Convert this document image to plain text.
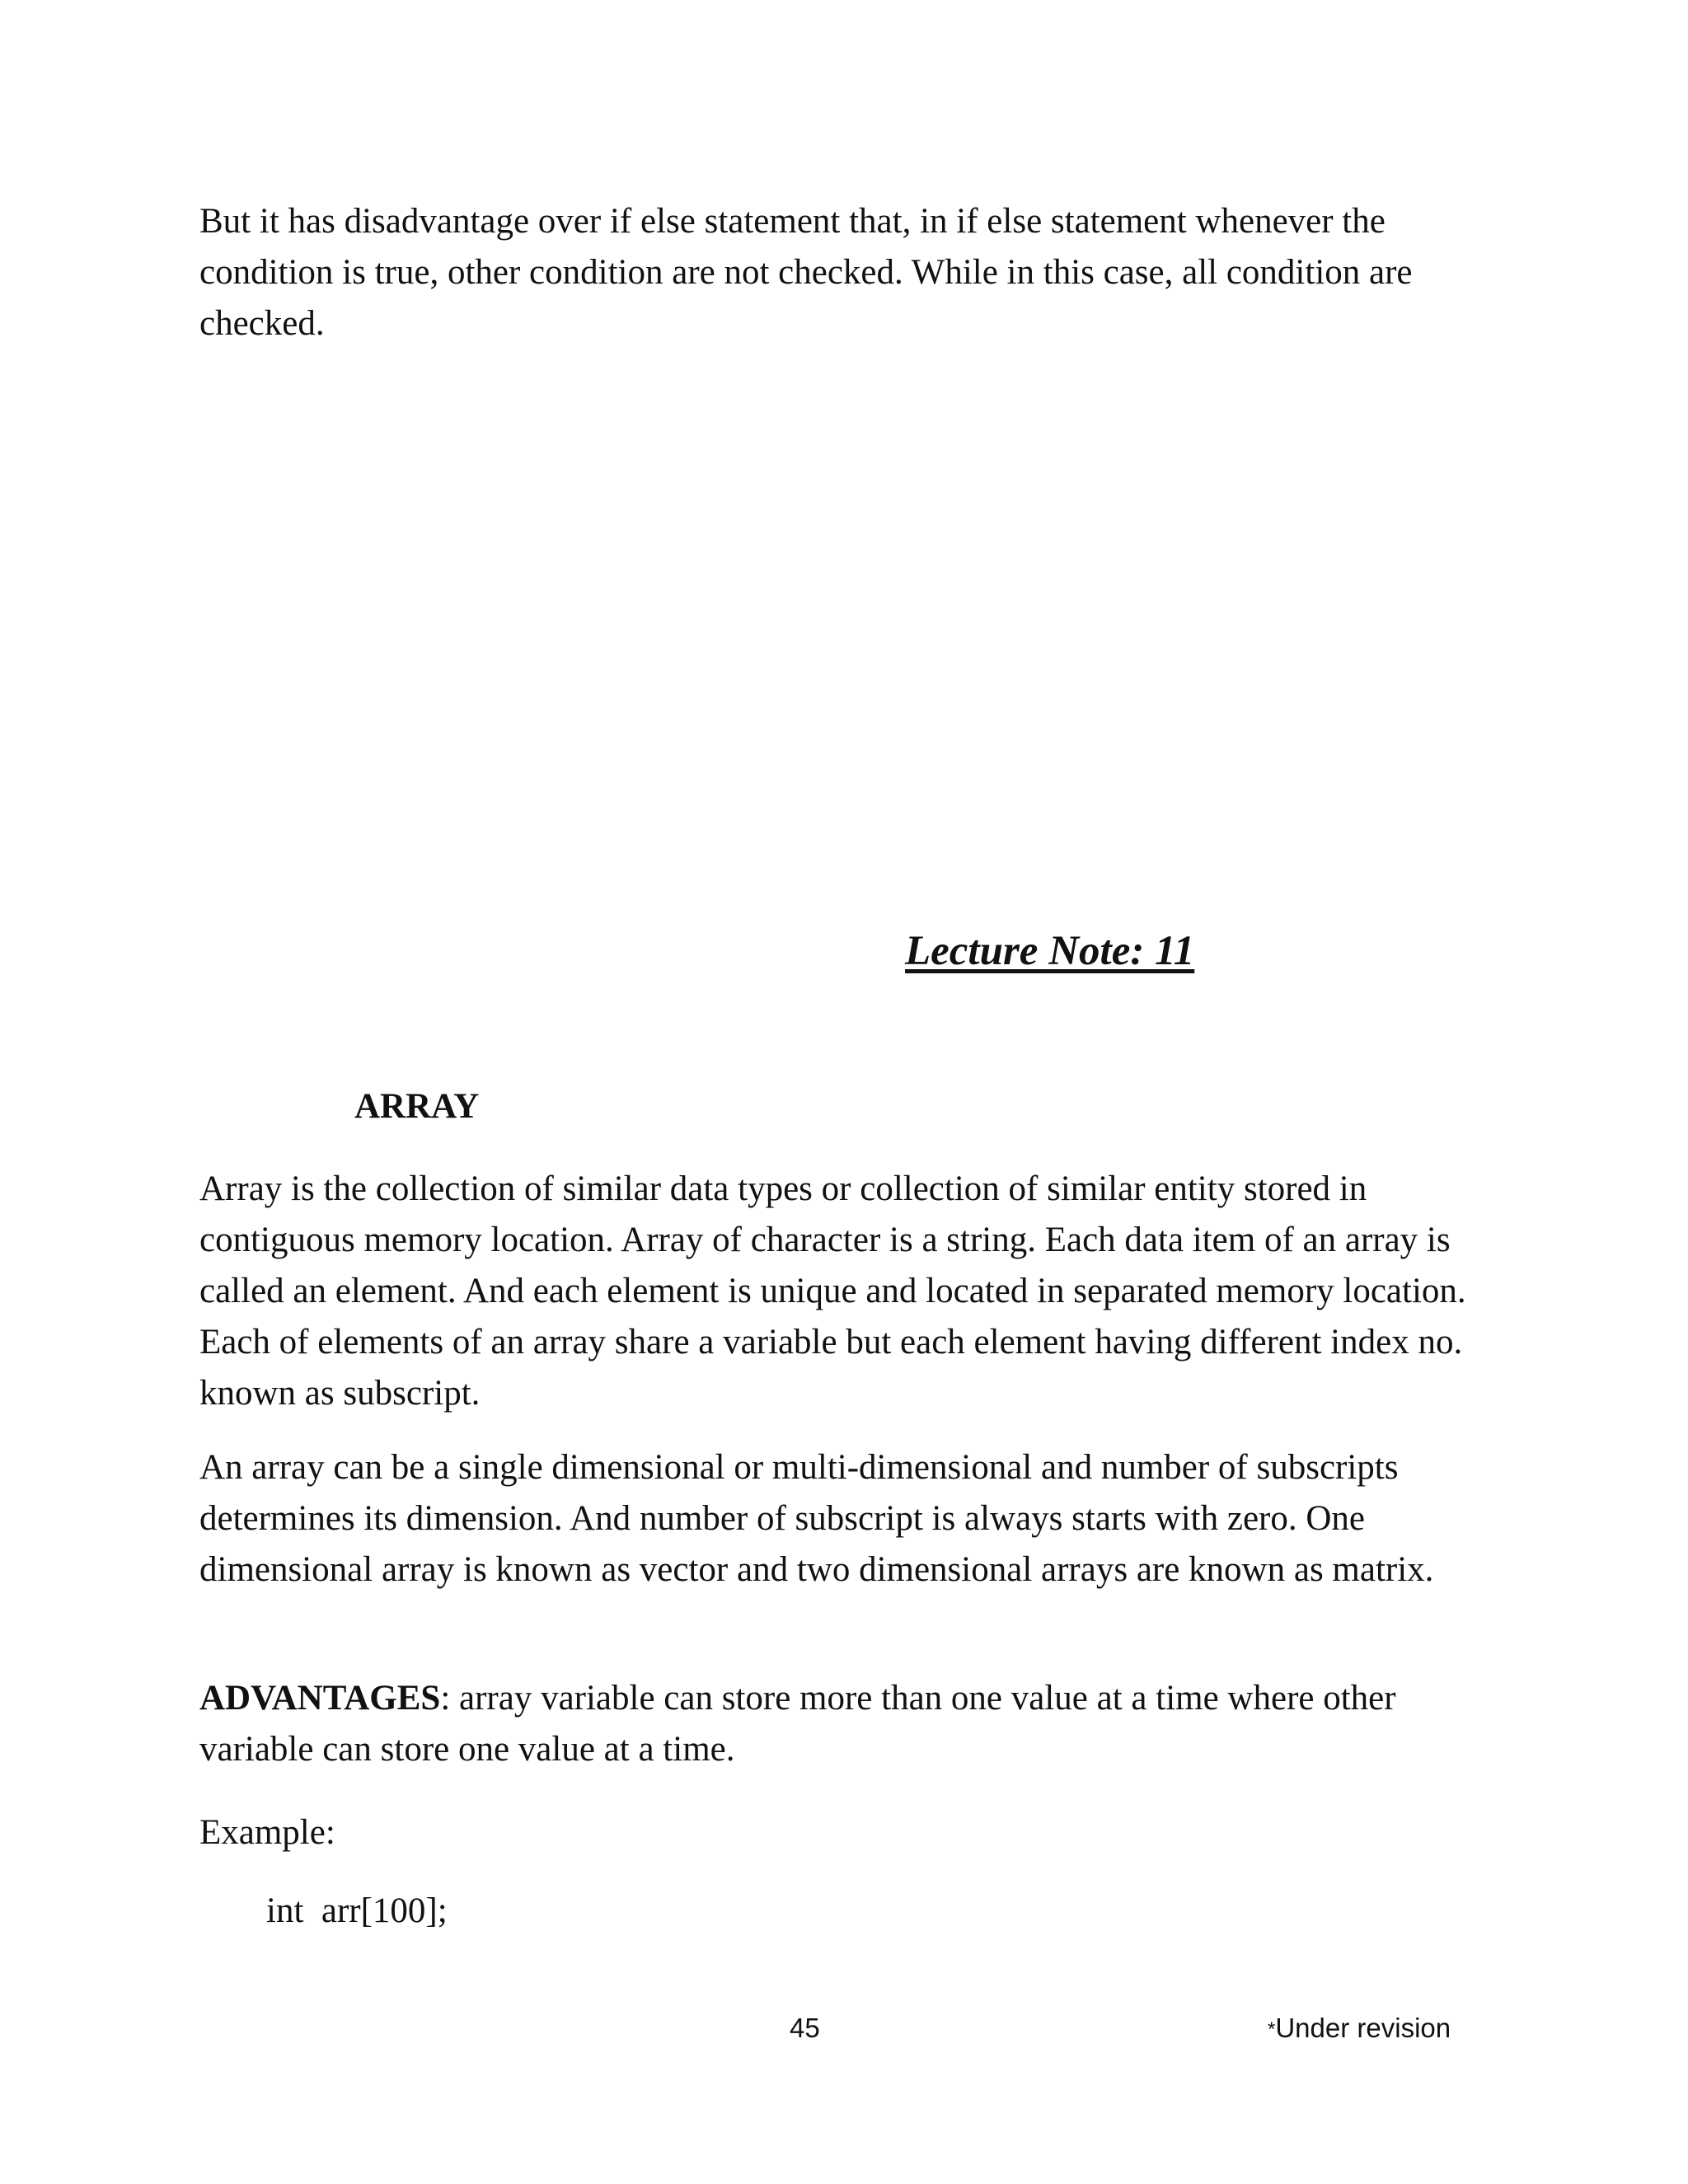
But it has disadvantage over if else statement that, in if else statement whenever the condition is true, other condition are not checked. While in this case, all condition are checked.

Lecture Note: 11

ARRAY

Array is the collection of similar data types or collection of similar entity stored in contiguous memory location. Array of character is a string. Each data item of an array is called an element. And each element is unique and located in separated memory location. Each of elements of an array share a variable but each element having different index no. known as subscript.

An array can be a single dimensional or multi-dimensional and number of subscripts determines its dimension. And number of subscript is always starts with zero. One dimensional array is known as vector and two dimensional arrays are known as matrix.

ADVANTAGES: array variable can store more than one value at a time where other variable can store one value at a time.

Example:

int  arr[100];

45	*Under revision
